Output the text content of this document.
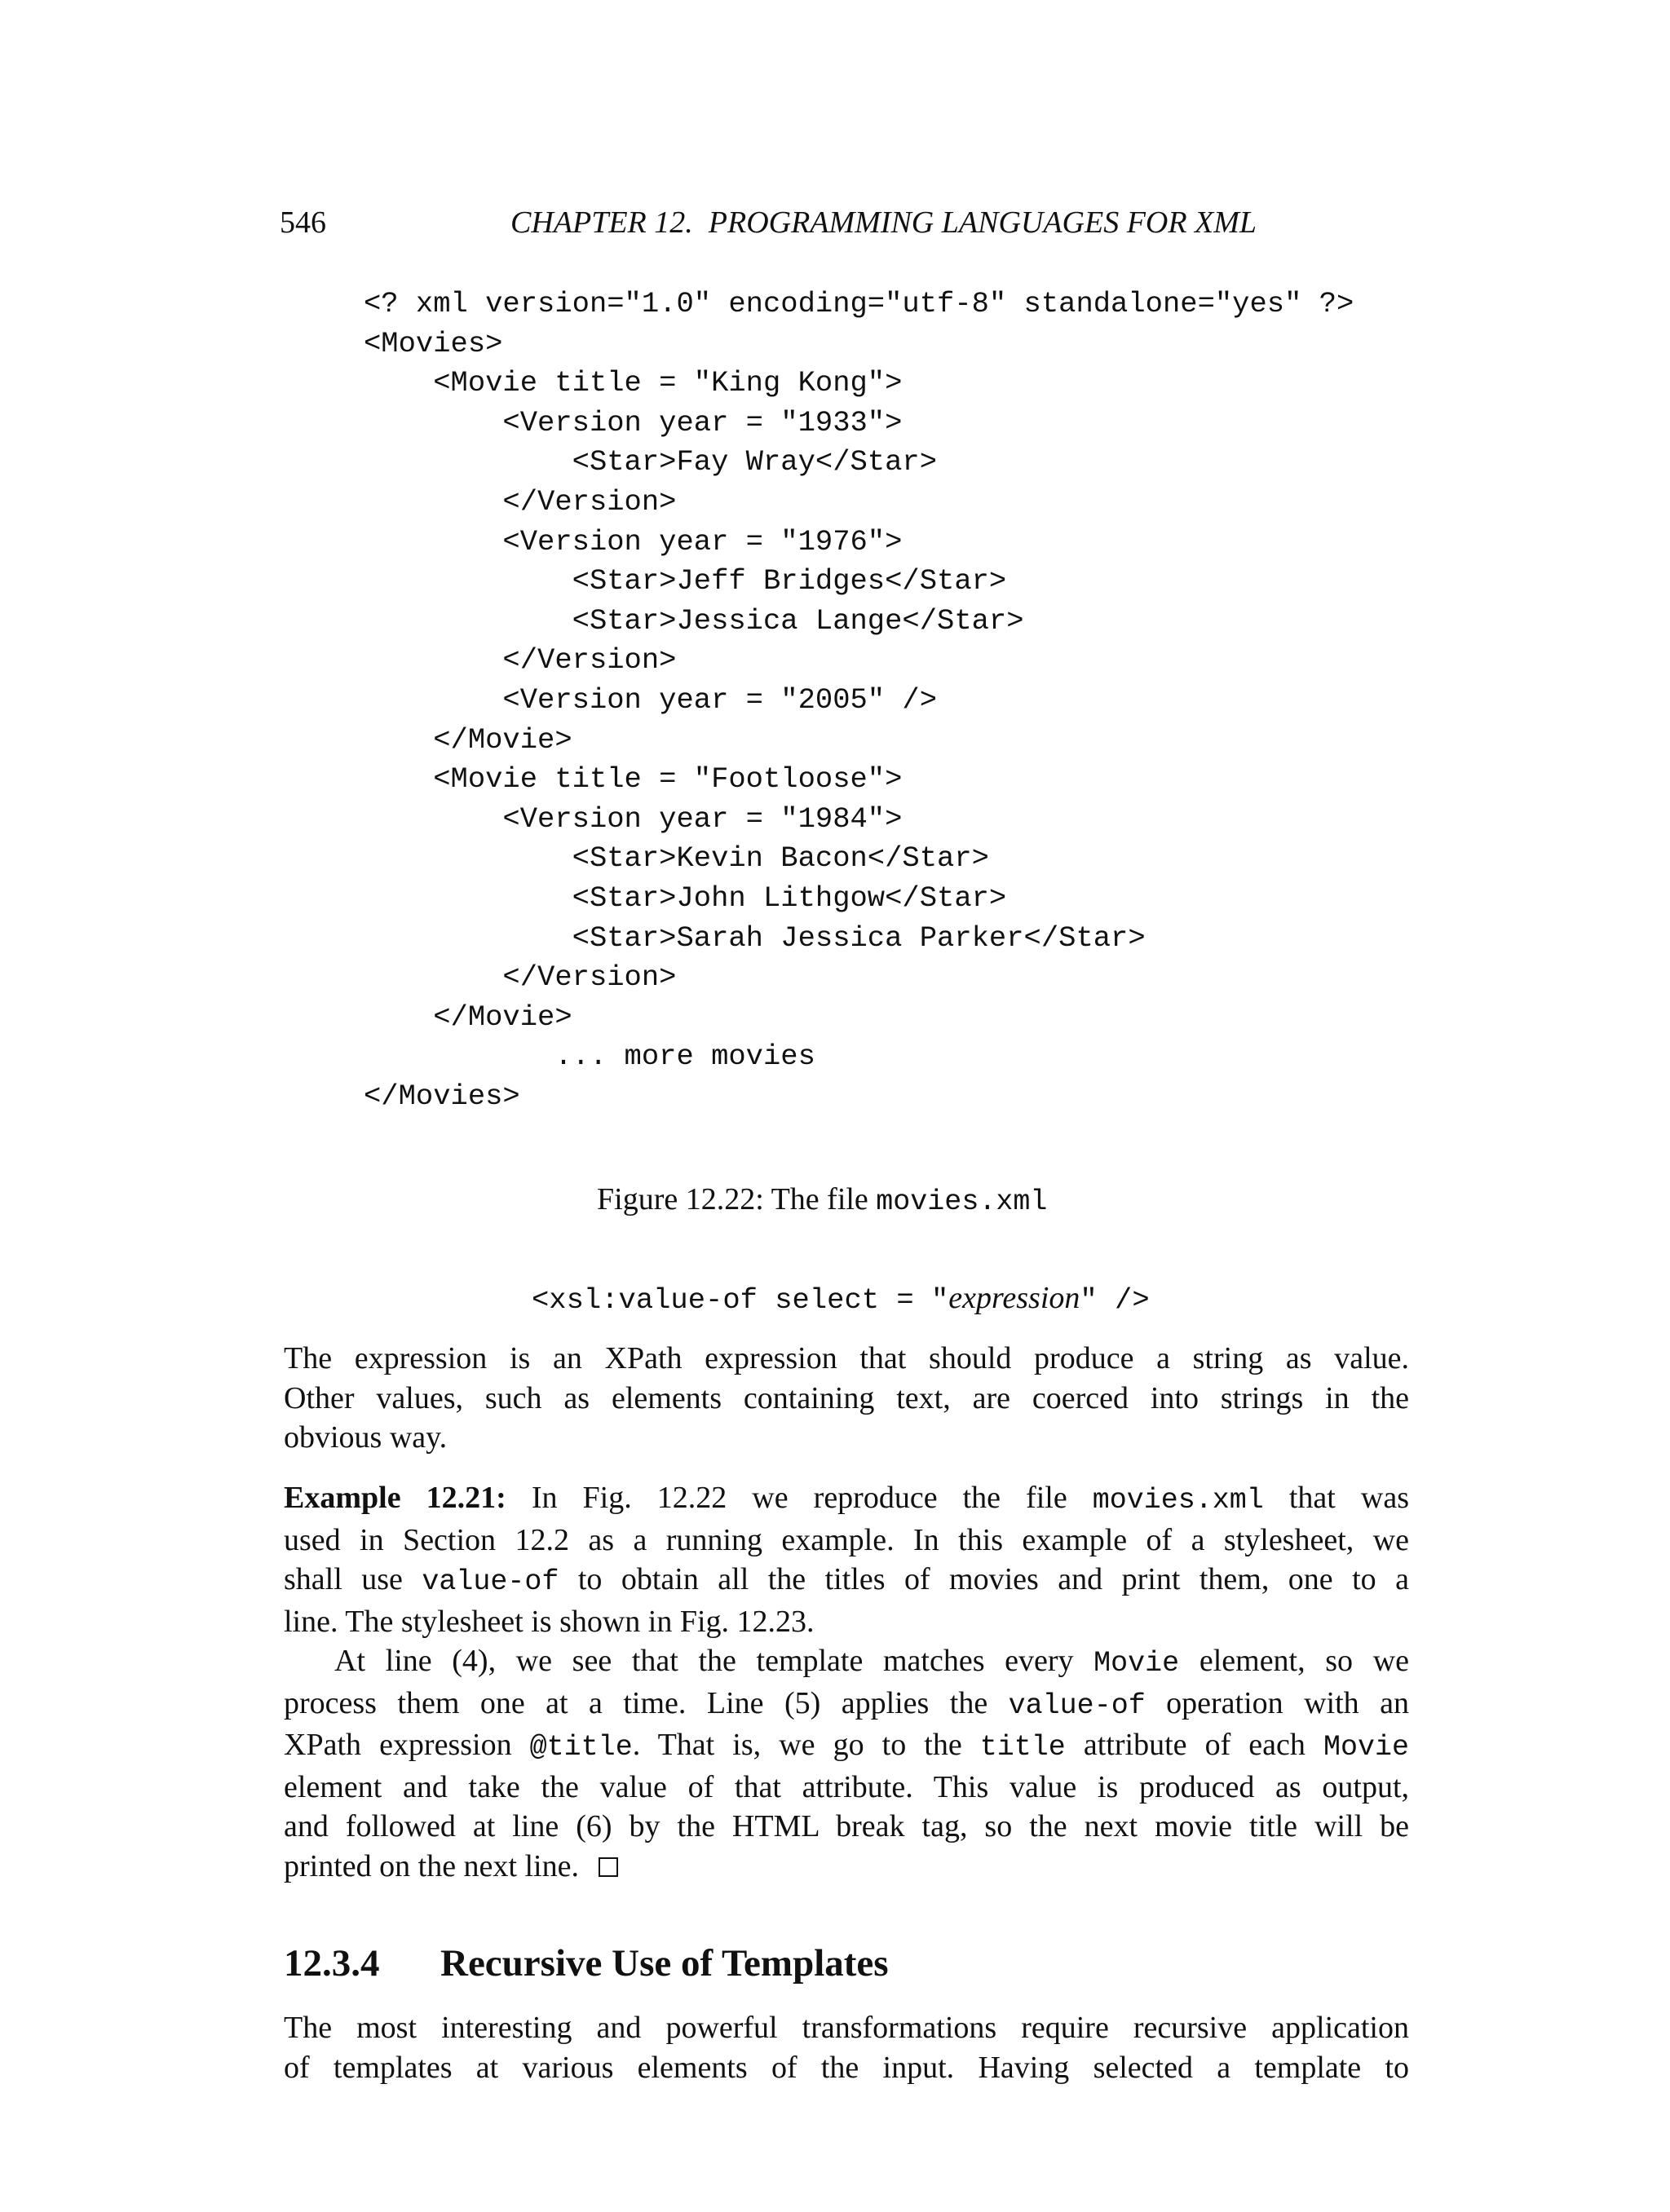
546	CHAPTER 12.  PROGRAMMING LANGUAGES FOR XML
<? xml version="1.0" encoding="utf-8" standalone="yes" ?>
<Movies>
<Movie title = "King Kong">
<Version year = "1933">
<Star>Fay Wray</Star>
</Version>
<Version year = "1976">
<Star>Jeff Bridges</Star>
<Star>Jessica Lange</Star>
</Version>
<Version year = "2005" />
</Movie>
<Movie title = "Footloose">
<Version year = "1984">
<Star>Kevin Bacon</Star>
<Star>John Lithgow</Star>
<Star>Sarah Jessica Parker</Star>
</Version>
</Movie>
... more movies
</Movies>
Figure 12.22: The file movies.xml
<xsl:value-of select = "expression" />
The expression is an XPath expression that should produce a string as value.
Other values, such as elements containing text, are coerced into strings in the
obvious way.
Example 12.21: In Fig. 12.22 we reproduce the file movies.xml that was
used in Section 12.2 as a running example. In this example of a stylesheet, we
shall use value-of to obtain all the titles of movies and print them, one to a
line. The stylesheet is shown in Fig. 12.23.
At line (4), we see that the template matches every Movie element, so we
process them one at a time. Line (5) applies the value-of operation with an
XPath expression @title. That is, we go to the title attribute of each Movie
element and take the value of that attribute. This value is produced as output,
and followed at line (6) by the HTML break tag, so the next movie title will be
printed on the next line.
12.3.4 Recursive Use of Templates
The most interesting and powerful transformations require recursive application
of templates at various elements of the input. Having selected a template to
